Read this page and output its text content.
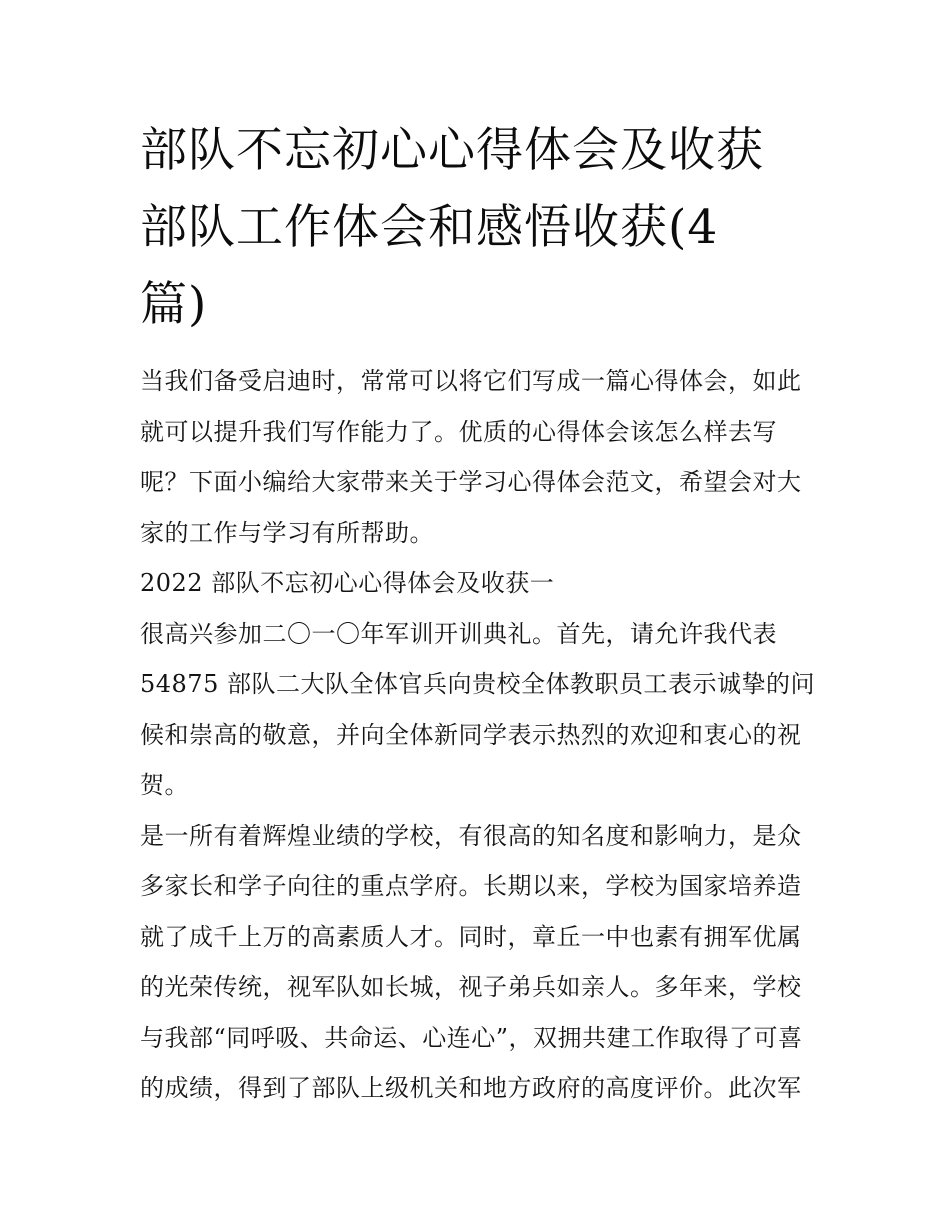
部队不忘初心心得体会及收获
部队工作体会和感悟收获(4
篇)

当我们备受启迪时，常常可以将它们写成一篇心得体会，如此
就可以提升我们写作能力了。优质的心得体会该怎么样去写
呢？下面小编给大家带来关于学习心得体会范文，希望会对大
家的工作与学习有所帮助。

2022 部队不忘初心心得体会及收获一

很高兴参加二〇一〇年军训开训典礼。首先，请允许我代表
54875 部队二大队全体官兵向贵校全体教职员工表示诚挚的问
候和崇高的敬意，并向全体新同学表示热烈的欢迎和衷心的祝
贺。

是一所有着辉煌业绩的学校，有很高的知名度和影响力，是众
多家长和学子向往的重点学府。长期以来，学校为国家培养造
就了成千上万的高素质人才。同时，章丘一中也素有拥军优属
的光荣传统，视军队如长城，视子弟兵如亲人。多年来，学校
与我部“同呼吸、共命运、心连心”，双拥共建工作取得了可喜
的成绩，得到了部队上级机关和地方政府的高度评价。此次军
